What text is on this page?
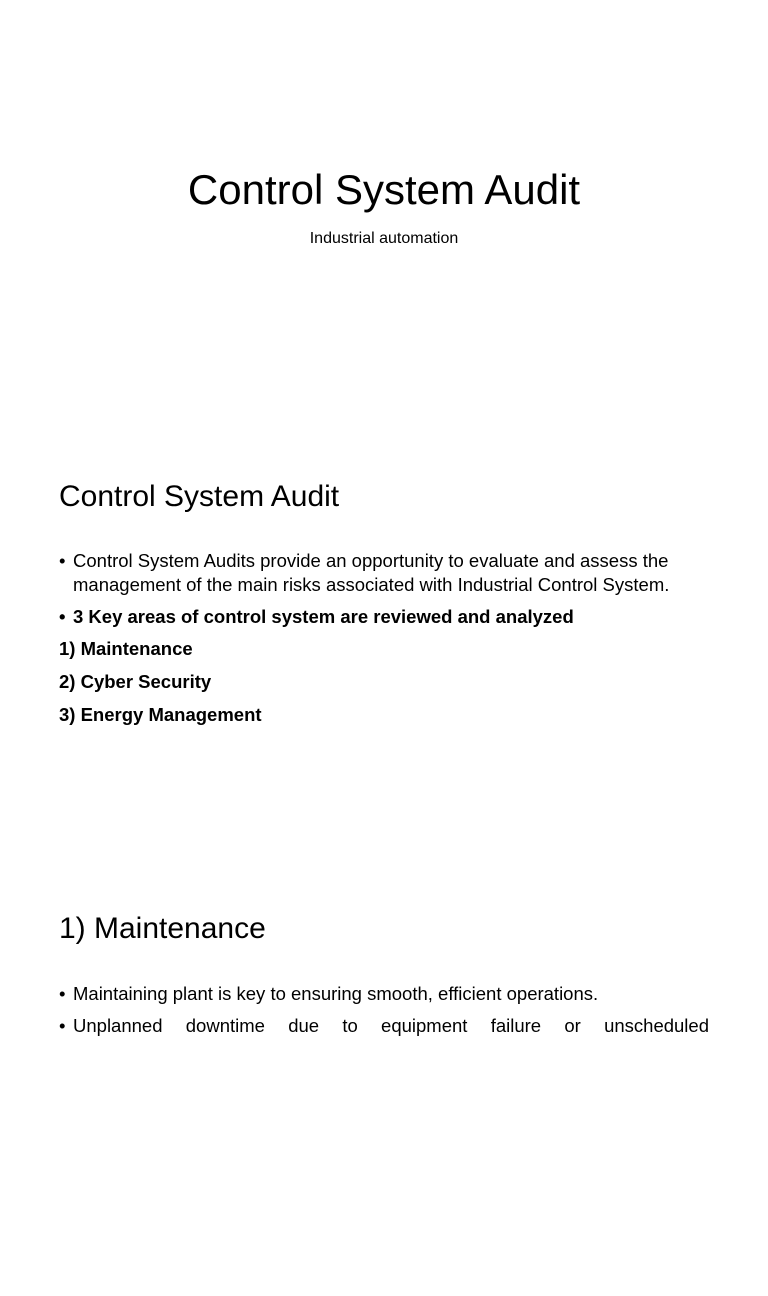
Control System Audit
Industrial automation
Control System Audit
• Control System Audits provide an opportunity to evaluate and assess the management of the main risks associated with Industrial Control System.
• 3 Key areas of control system are reviewed and analyzed
1) Maintenance
2) Cyber Security
3) Energy Management
1) Maintenance
• Maintaining plant is key to ensuring smooth, efficient operations.
• Unplanned downtime due to equipment failure or unscheduled
